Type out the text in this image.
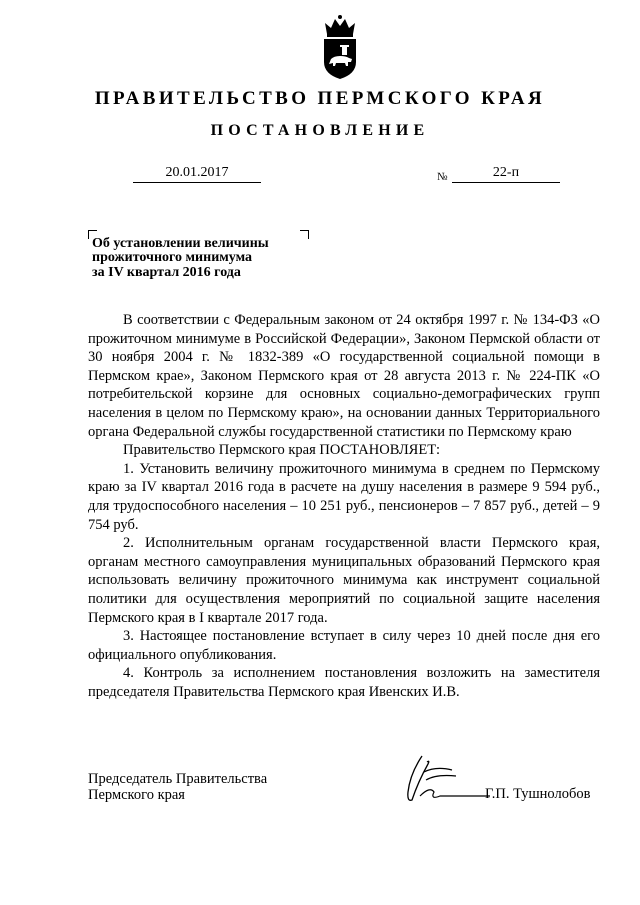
ПРАВИТЕЛЬСТВО ПЕРМСКОГО КРАЯ
ПОСТАНОВЛЕНИЕ
20.01.2017	№	22-п
Об установлении величины
прожиточного минимума
за IV квартал 2016 года
В соответствии с Федеральным законом от 24 октября 1997 г. № 134-ФЗ «О прожиточном минимуме в Российской Федерации», Законом Пермской области от 30 ноября 2004 г. № 1832-389 «О государственной социальной помощи в Пермском крае», Законом Пермского края от 28 августа 2013 г. № 224-ПК «О потребительской корзине для основных социально-демографических групп населения в целом по Пермскому краю», на основании данных Территориального органа Федеральной службы государственной статистики по Пермскому краю
Правительство Пермского края ПОСТАНОВЛЯЕТ:
1. Установить величину прожиточного минимума в среднем по Пермскому краю за IV квартал 2016 года в расчете на душу населения в размере 9 594 руб., для трудоспособного населения – 10 251 руб., пенсионеров – 7 857 руб., детей – 9 754 руб.
2. Исполнительным органам государственной власти Пермского края, органам местного самоуправления муниципальных образований Пермского края использовать величину прожиточного минимума как инструмент социальной политики для осуществления мероприятий по социальной защите населения Пермского края в I квартале 2017 года.
3. Настоящее постановление вступает в силу через 10 дней после дня его официального опубликования.
4. Контроль за исполнением постановления возложить на заместителя председателя Правительства Пермского края Ивенских И.В.
Председатель Правительства
Пермского края	Г.П. Тушнолобов
